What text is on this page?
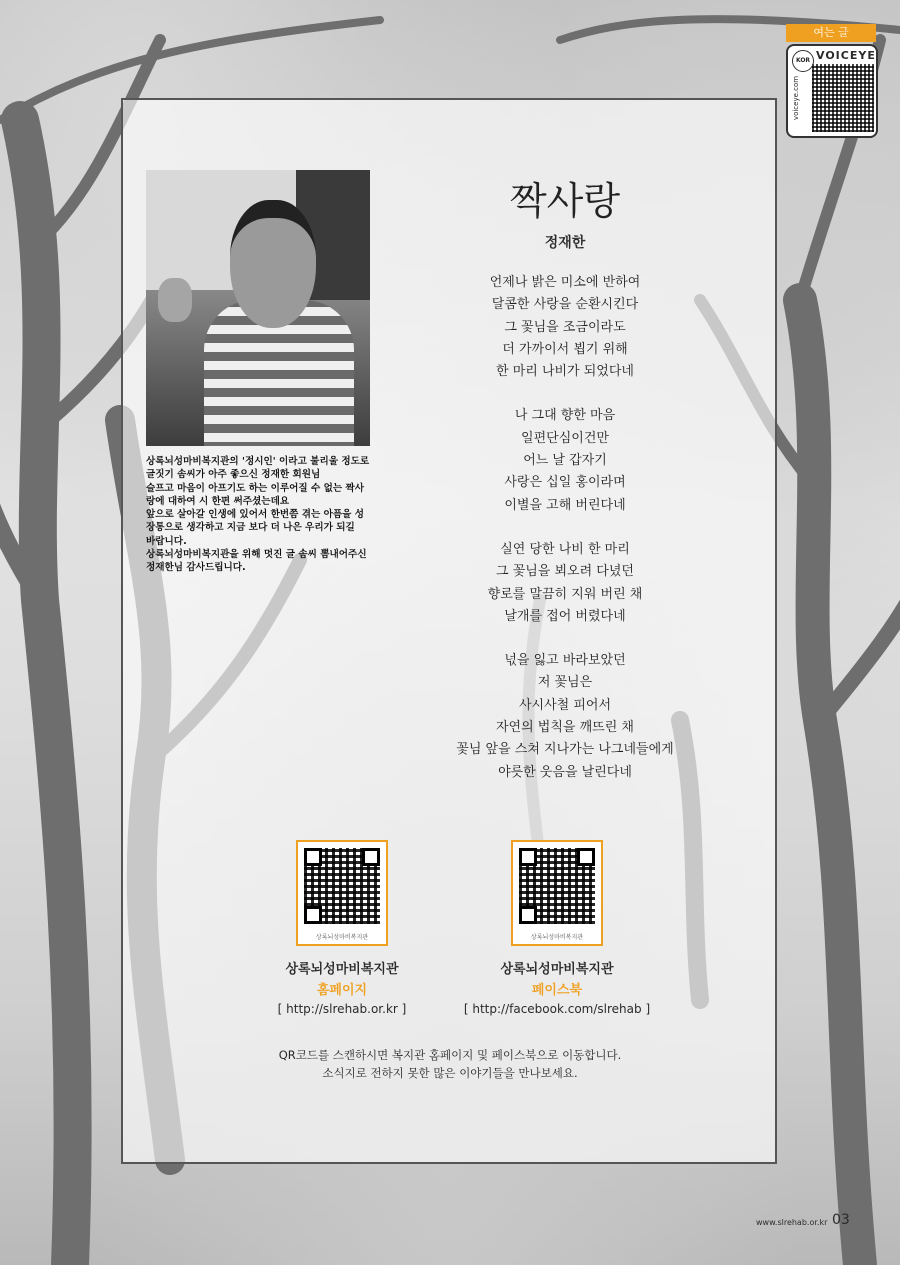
여는 글
KOR VOICEYE
voiceye.com

상록뇌성마비복지관의 '정시인' 이라고 불리울 정도로

글짓기 솜씨가 아주 좋으신 정재한 회원님

슬프고 마음이 아프기도 하는 이루어질 수 없는 짝사

랑에 대하여 시 한편 써주셨는데요

앞으로 살아갈 인생에 있어서 한번쯤 겪는 아픔을 성

장통으로 생각하고 지금 보다 더 나은 우리가 되길

바랍니다.

상록뇌성마비복지관을 위해 멋진 글 솜씨 뽐내어주신

정재한님 감사드립니다.

짝사랑
정재한
언제나 밝은 미소에 반하여
달콤한 사랑을 순환시킨다
그 꽃님을 조금이라도
더 가까이서 뵙기 위해
한 마리 나비가 되었다네
나 그대 향한 마음
일편단심이건만
어느 날 갑자기
사랑은 십일 홍이라며
이별을 고해 버린다네
실연 당한 나비 한 마리
그 꽃님을 뵈오려 다녔던
향로를 말끔히 지워 버린 채
날개를 접어 버렸다네
넋을 잃고 바라보았던
저 꽃님은
사시사철 피어서
자연의 법칙을 깨뜨린 채
꽃님 앞을 스쳐 지나가는 나그네들에게
야릇한 웃음을 날린다네
상록뇌성마비복지관
상록뇌성마비복지관
홈페이지
[ http://slrehab.or.kr ]
상록뇌성마비복지관
상록뇌성마비복지관
페이스북
[ http://facebook.com/slrehab ]
QR코드를 스캔하시면 복지관 홈페이지 및 페이스북으로 이동합니다.
소식지로 전하지 못한 많은 이야기들을 만나보세요.
www.slrehab.or.kr 03
